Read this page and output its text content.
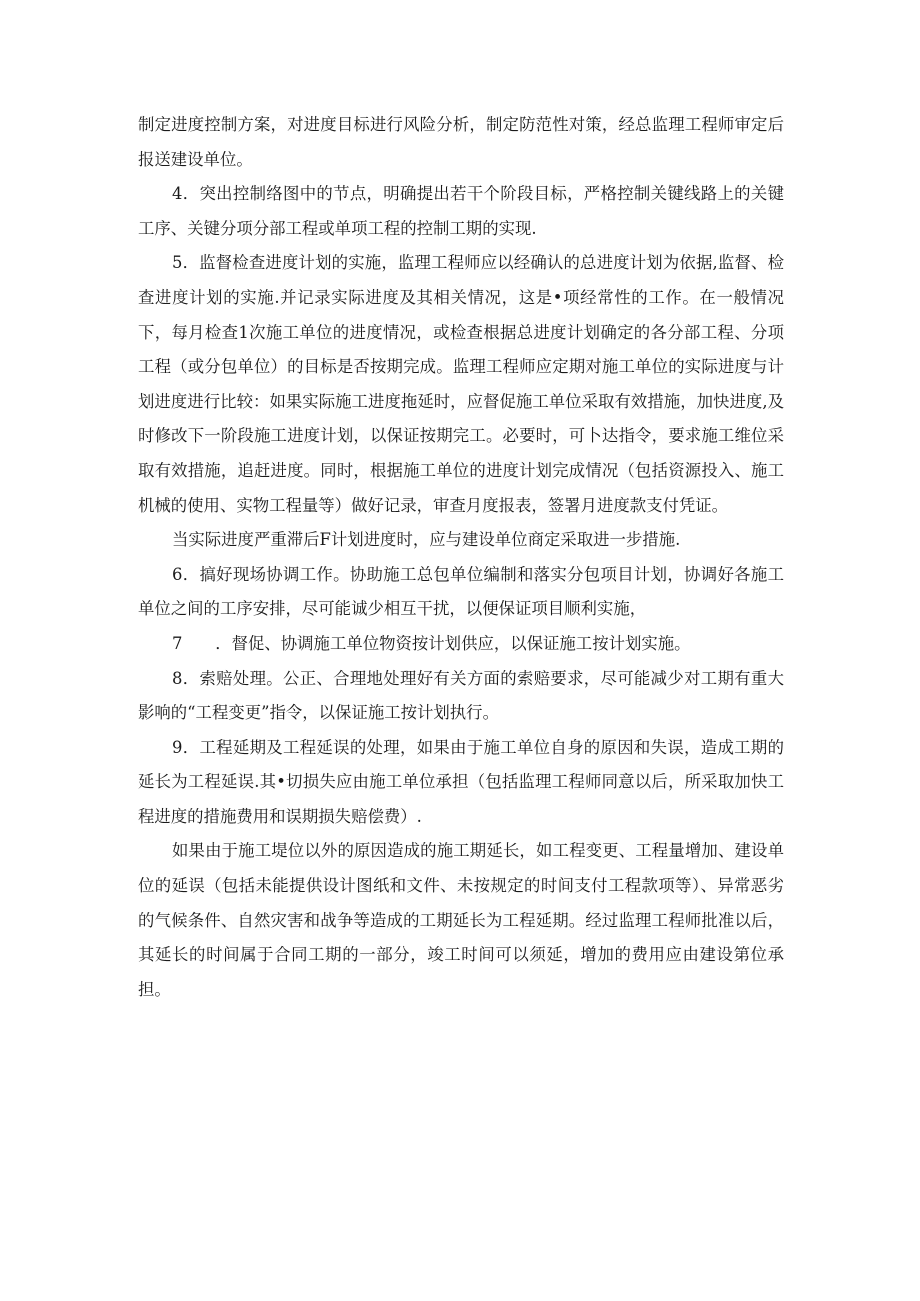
制定进度控制方案，对进度目标进行风险分析，制定防范性对策，经总监理工程师审定后报送建设单位。

4．突出控制络图中的节点，明确提出若干个阶段目标，严格控制关键线路上的关键工序、关键分项分部工程或单项工程的控制工期的实现.

5．监督检查进度计划的实施，监理工程师应以经确认的总进度计划为依据,监督、检查进度计划的实施.并记录实际进度及其相关情况，这是•项经常性的工作。在一般情况下，每月检查1次施工单位的进度情况，或检查根据总进度计划确定的各分部工程、分项工程（或分包单位）的目标是否按期完成。监理工程师应定期对施工单位的实际进度与计划进度进行比较：如果实际施工进度拖延时，应督促施工单位采取有效措施，加快进度,及时修改下一阶段施工进度计划，以保证按期完工。必要时，可卜达指令，要求施工维位采取有效措施，追赶进度。同时，根据施工单位的进度计划完成情况（包括资源投入、施工机械的使用、实物工程量等）做好记录，审查月度报表，签署月进度款支付凭证。

当实际进度严重滞后F计划进度时，应与建设单位商定采取进一步措施.

6．搞好现场协调工作。协助施工总包单位编制和落实分包项目计划，协调好各施工单位之间的工序安排，尽可能诚少相互干扰，以便保证项目顺利实施，

7　　．督促、协调施工单位物资按计划供应，以保证施工按计划实施。

8．索赔处理。公正、合理地处理好有关方面的索赔要求，尽可能减少对工期有重大影响的“工程变更”指令，以保证施工按计划执行。

9．工程延期及工程延误的处理，如果由于施工单位自身的原因和失误，造成工期的延长为工程延误.其•切损失应由施工单位承担（包括监理工程师同意以后，所采取加快工程进度的措施费用和误期损失赔偿费）.

如果由于施工堤位以外的原因造成的施工期延长，如工程变更、工程量增加、建设单位的延误（包括未能提供设计图纸和文件、未按规定的时间支付工程款项等）、异常恶劣的气候条件、自然灾害和战争等造成的工期延长为工程延期。经过监理工程师批准以后，其延长的时间属于合同工期的一部分，竣工时间可以须延，增加的费用应由建设第位承担。
